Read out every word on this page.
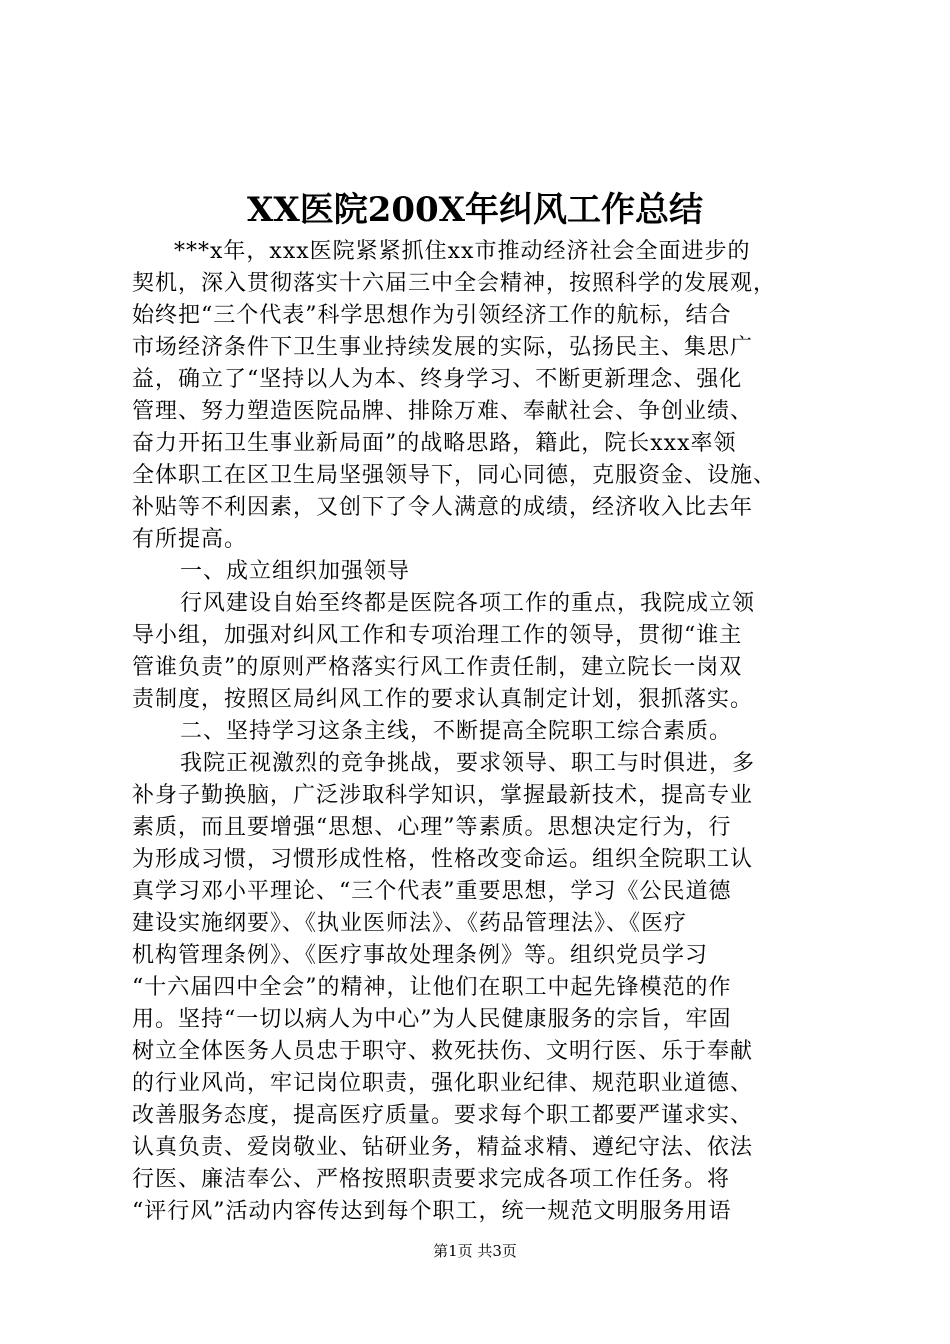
XX医院200X年纠风工作总结
***x年，xxx医院紧紧抓住xx市推动经济社会全面进步的
契机，深入贯彻落实十六届三中全会精神，按照科学的发展观，
始终把“三个代表”科学思想作为引领经济工作的航标，结合
市场经济条件下卫生事业持续发展的实际，弘扬民主、集思广
益，确立了“坚持以人为本、终身学习、不断更新理念、强化
管理、努力塑造医院品牌、排除万难、奉献社会、争创业绩、
奋力开拓卫生事业新局面”的战略思路，籍此，院长xxx率领
全体职工在区卫生局坚强领导下，同心同德，克服资金、设施、
补贴等不利因素，又创下了令人满意的成绩，经济收入比去年
有所提高。
一、成立组织加强领导
行风建设自始至终都是医院各项工作的重点，我院成立领
导小组，加强对纠风工作和专项治理工作的领导，贯彻“谁主
管谁负责”的原则严格落实行风工作责任制，建立院长一岗双
责制度，按照区局纠风工作的要求认真制定计划，狠抓落实。
二、坚持学习这条主线，不断提高全院职工综合素质。
我院正视激烈的竞争挑战，要求领导、职工与时俱进，多
补身子勤换脑，广泛涉取科学知识，掌握最新技术，提高专业
素质，而且要增强“思想、心理”等素质。思想决定行为，行
为形成习惯，习惯形成性格，性格改变命运。组织全院职工认
真学习邓小平理论、“三个代表”重要思想，学习《公民道德
建设实施纲要》、《执业医师法》、《药品管理法》、《医疗
机构管理条例》、《医疗事故处理条例》等。组织党员学习
“十六届四中全会”的精神，让他们在职工中起先锋模范的作
用。坚持“一切以病人为中心”为人民健康服务的宗旨，牢固
树立全体医务人员忠于职守、救死扶伤、文明行医、乐于奉献
的行业风尚，牢记岗位职责，强化职业纪律、规范职业道德、
改善服务态度，提高医疗质量。要求每个职工都要严谨求实、
认真负责、爱岗敬业、钻研业务，精益求精、遵纪守法、依法
行医、廉洁奉公、严格按照职责要求完成各项工作任务。将
“评行风”活动内容传达到每个职工，统一规范文明服务用语
第1页 共3页
